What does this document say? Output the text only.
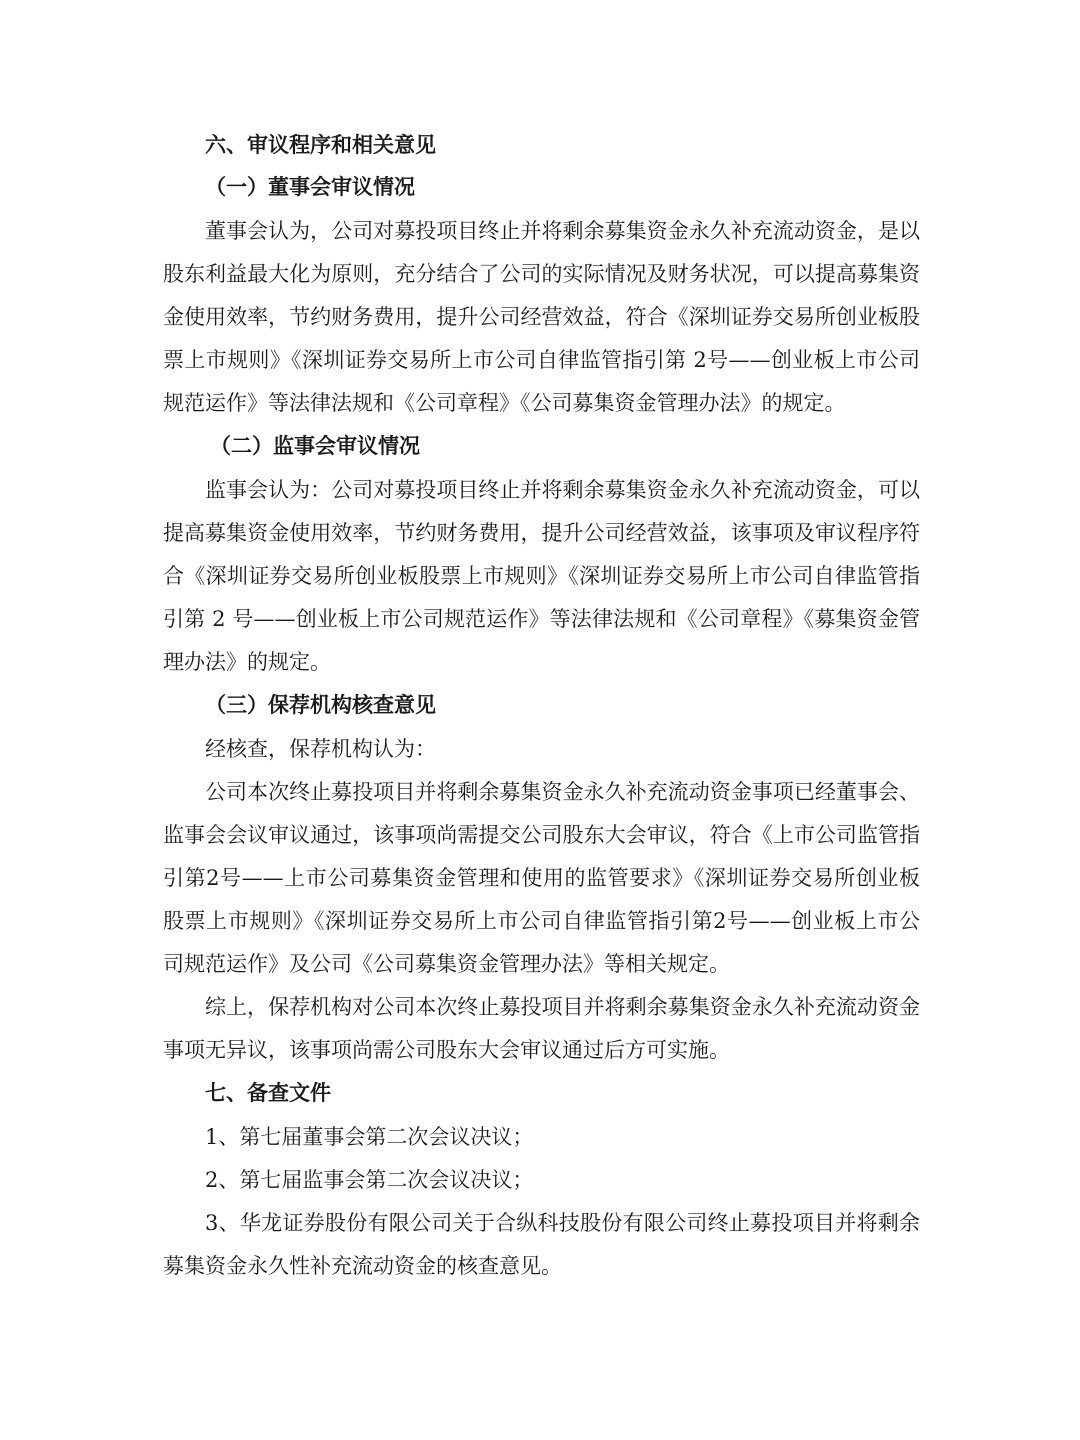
六、审议程序和相关意见
（一）董事会审议情况

董事会认为，公司对募投项目终止并将剩余募集资金永久补充流动资金，是以股东利益最大化为原则，充分结合了公司的实际情况及财务状况，可以提高募集资金使用效率，节约财务费用，提升公司经营效益，符合《深圳证券交易所创业板股票上市规则》《深圳证券交易所上市公司自律监管指引第 2号——创业板上市公司规范运作》等法律法规和《公司章程》《公司募集资金管理办法》的规定。

（二）监事会审议情况

监事会认为：公司对募投项目终止并将剩余募集资金永久补充流动资金，可以提高募集资金使用效率，节约财务费用，提升公司经营效益，该事项及审议程序符合《深圳证券交易所创业板股票上市规则》《深圳证券交易所上市公司自律监管指引第 2 号——创业板上市公司规范运作》等法律法规和《公司章程》《募集资金管理办法》的规定。

（三）保荐机构核查意见

经核查，保荐机构认为：

公司本次终止募投项目并将剩余募集资金永久补充流动资金事项已经董事会、监事会会议审议通过，该事项尚需提交公司股东大会审议，符合《上市公司监管指引第2号——上市公司募集资金管理和使用的监管要求》《深圳证券交易所创业板股票上市规则》《深圳证券交易所上市公司自律监管指引第2号——创业板上市公司规范运作》及公司《公司募集资金管理办法》等相关规定。

综上，保荐机构对公司本次终止募投项目并将剩余募集资金永久补充流动资金事项无异议，该事项尚需公司股东大会审议通过后方可实施。

七、备查文件

1、第七届董事会第二次会议决议；

2、第七届监事会第二次会议决议；

3、华龙证券股份有限公司关于合纵科技股份有限公司终止募投项目并将剩余募集资金永久性补充流动资金的核查意见。
